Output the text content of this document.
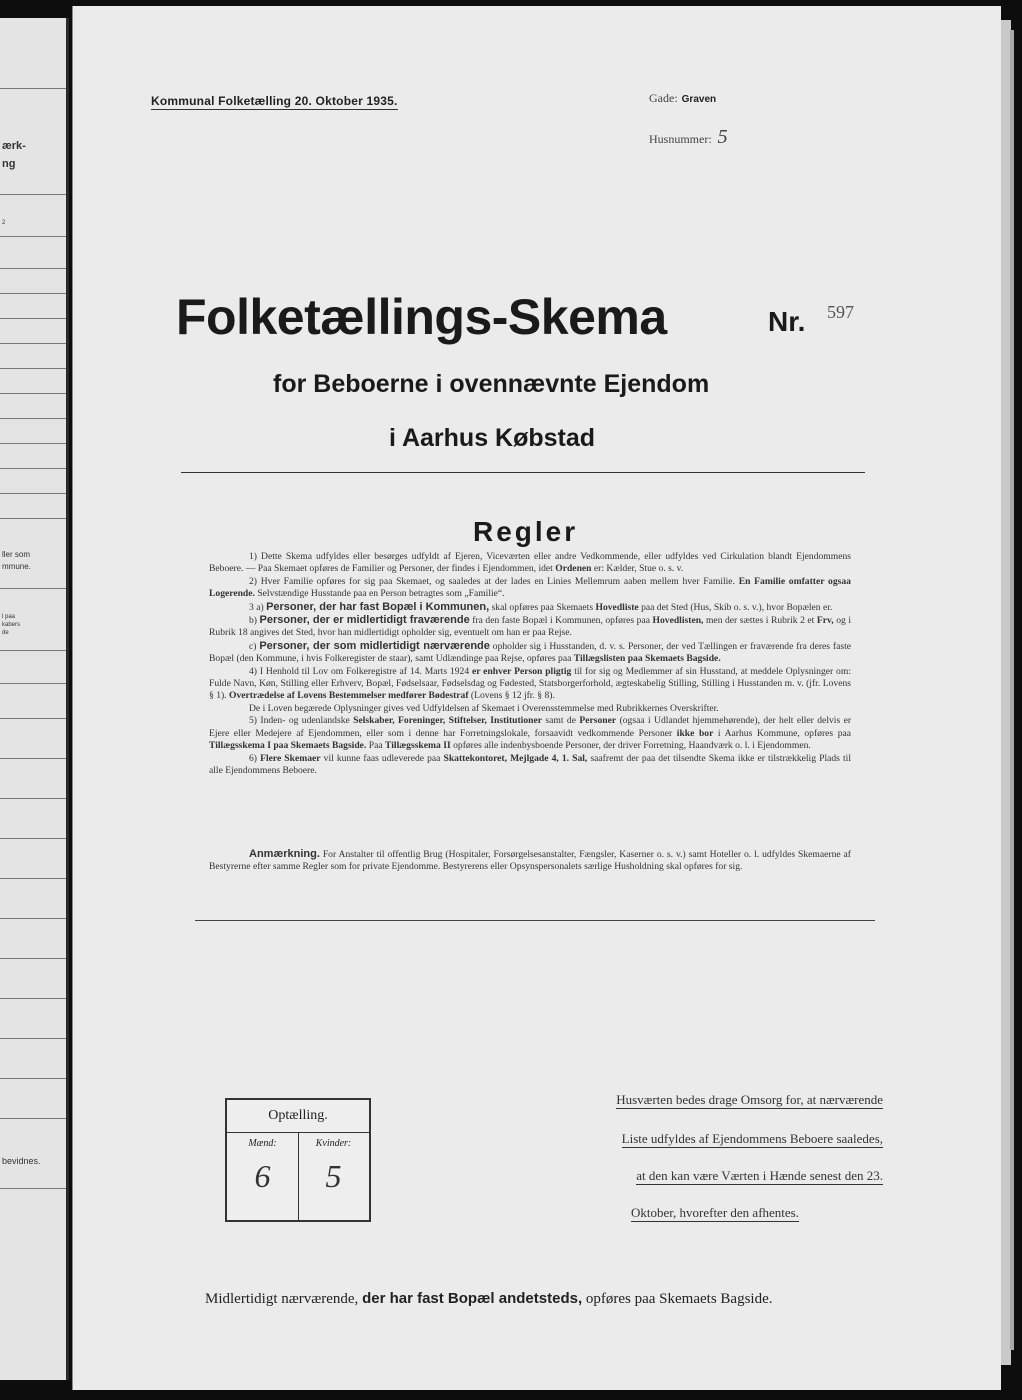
ærk-
ng
2
ller som
mmune.
l paa
kabers
de
bevidnes.
Kommunal Folketælling 20. Oktober 1935.	Gade: Graven
Husnummer: 5
Folketællings-Skema	Nr. 597
for Beboerne i ovennævnte Ejendom
i Aarhus Købstad
Regler

1) Dette Skema udfyldes eller besørges udfyldt af Ejeren, Viceværten eller andre Vedkommende, eller udfyldes ved Cirkulation blandt Ejendommens Beboere. — Paa Skemaet opføres de Familier og Personer, der findes i Ejendommen, idet Ordenen er: Kælder, Stue o. s. v.

2) Hver Familie opføres for sig paa Skemaet, og saaledes at der lades en Linies Mellemrum aaben mellem hver Familie. En Familie omfatter ogsaa Logerende. Selvstændige Husstande paa en Person betragtes som „Familie“.

3 a) Personer, der har fast Bopæl i Kommunen, skal opføres paa Skemaets Hovedliste paa det Sted (Hus, Skib o. s. v.), hvor Bopælen er.

b) Personer, der er midlertidigt fraværende fra den faste Bopæl i Kommunen, opføres paa Hovedlisten, men der sættes i Rubrik 2 et Frv, og i Rubrik 18 angives det Sted, hvor han midlertidigt opholder sig, eventuelt om han er paa Rejse.

c) Personer, der som midlertidigt nærværende opholder sig i Husstanden, d. v. s. Personer, der ved Tællingen er fraværende fra deres faste Bopæl (den Kommune, i hvis Folkeregister de staar), samt Udlændinge paa Rejse, opføres paa Tillægslisten paa Skemaets Bagside.

4) I Henhold til Lov om Folkeregistre af 14. Marts 1924 er enhver Person pligtig til for sig og Medlemmer af sin Husstand, at meddele Oplysninger om: Fulde Navn, Køn, Stilling eller Erhverv, Bopæl, Fødselsaar, Fødselsdag og Fødested, Statsborgerforhold, ægteskabelig Stilling, Stilling i Husstanden m. v. (jfr. Lovens § 1). Overtrædelse af Lovens Bestemmelser medfører Bødestraf (Lovens § 12 jfr. § 8).

De i Loven begærede Oplysninger gives ved Udfyldelsen af Skemaet i Overensstemmelse med Rubrikkernes Overskrifter.

5) Inden- og udenlandske Selskaber, Foreninger, Stiftelser, Institutioner samt de Personer (ogsaa i Udlandet hjemmehørende), der helt eller delvis er Ejere eller Medejere af Ejendommen, eller som i denne har Forretningslokale, forsaavidt vedkommende Personer ikke bor i Aarhus Kommune, opføres paa Tillægsskema I paa Skemaets Bagside. Paa Tillægsskema II opføres alle indenbysboende Personer, der driver Forretning, Haandværk o. l. i Ejendommen.

6) Flere Skemaer vil kunne faas udleverede paa Skattekontoret, Mejlgade 4, 1. Sal, saafremt der paa det tilsendte Skema ikke er tilstrækkelig Plads til alle Ejendommens Beboere.

Anmærkning. For Anstalter til offentlig Brug (Hospitaler, Forsørgelsesanstalter, Fængsler, Kaserner o. s. v.) samt Hoteller o. l. udfyldes Skemaerne af Bestyrerne efter samme Regler som for private Ejendomme. Bestyrerens eller Opsynspersonalets særlige Husholdning skal opføres for sig.
Optælling.
Mænd:	Kvinder:
6	5
Husværten bedes drage Omsorg for, at nærværende
Liste udfyldes af Ejendommens Beboere saaledes,
at den kan være Værten i Hænde senest den 23.
Oktober, hvorefter den afhentes.
Midlertidigt nærværende, der har fast Bopæl andetsteds, opføres paa Skemaets Bagside.
